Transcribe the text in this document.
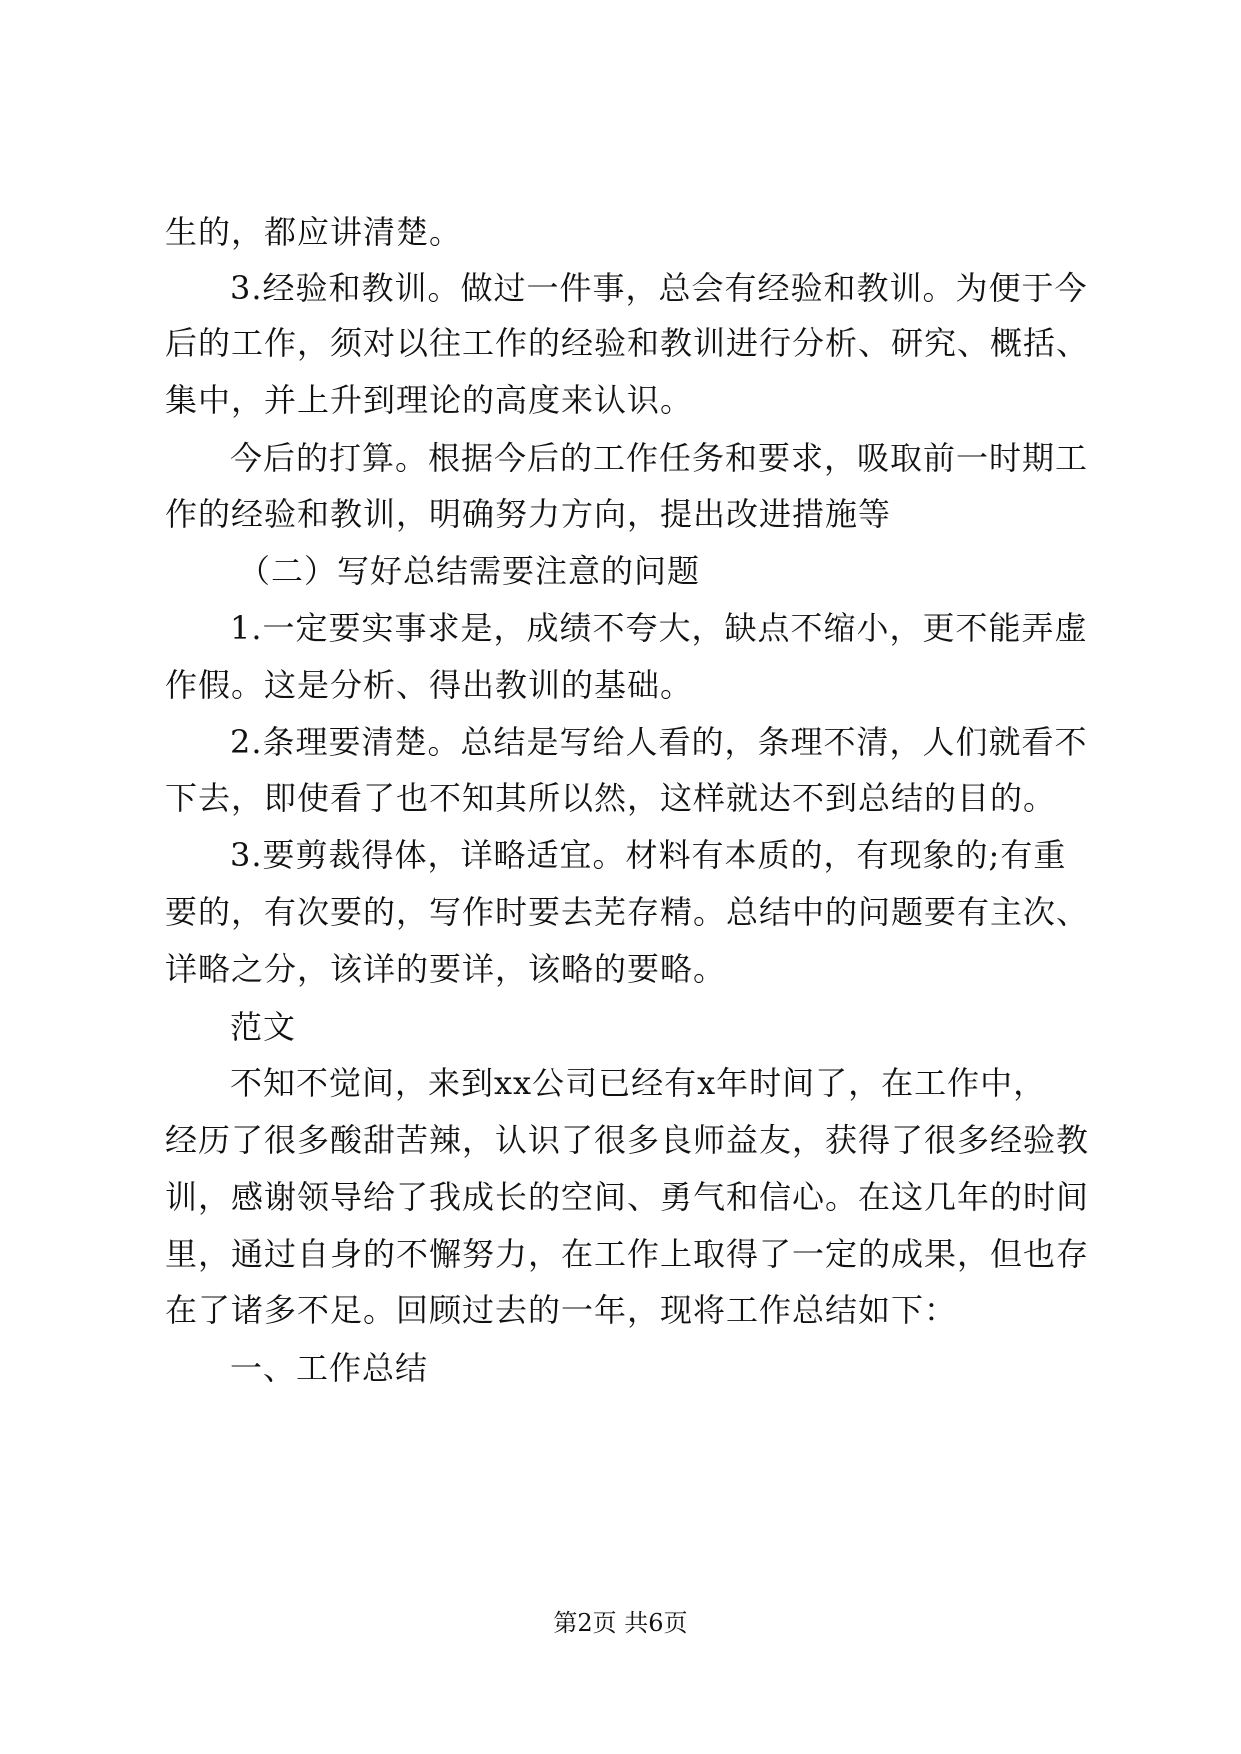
生的，都应讲清楚。
3.经验和教训。做过一件事，总会有经验和教训。为便于今
后的工作，须对以往工作的经验和教训进行分析、研究、概括、
集中，并上升到理论的高度来认识。
今后的打算。根据今后的工作任务和要求，吸取前一时期工
作的经验和教训，明确努力方向，提出改进措施等
（二）写好总结需要注意的问题
1.一定要实事求是，成绩不夸大，缺点不缩小，更不能弄虚
作假。这是分析、得出教训的基础。
2.条理要清楚。总结是写给人看的，条理不清，人们就看不
下去，即使看了也不知其所以然，这样就达不到总结的目的。
3.要剪裁得体，详略适宜。材料有本质的，有现象的;有重
要的，有次要的，写作时要去芜存精。总结中的问题要有主次、
详略之分，该详的要详，该略的要略。
范文
不知不觉间，来到xx公司已经有x年时间了，在工作中，
经历了很多酸甜苦辣，认识了很多良师益友，获得了很多经验教
训，感谢领导给了我成长的空间、勇气和信心。在这几年的时间
里，通过自身的不懈努力，在工作上取得了一定的成果，但也存
在了诸多不足。回顾过去的一年，现将工作总结如下：
一、工作总结
第2页 共6页
